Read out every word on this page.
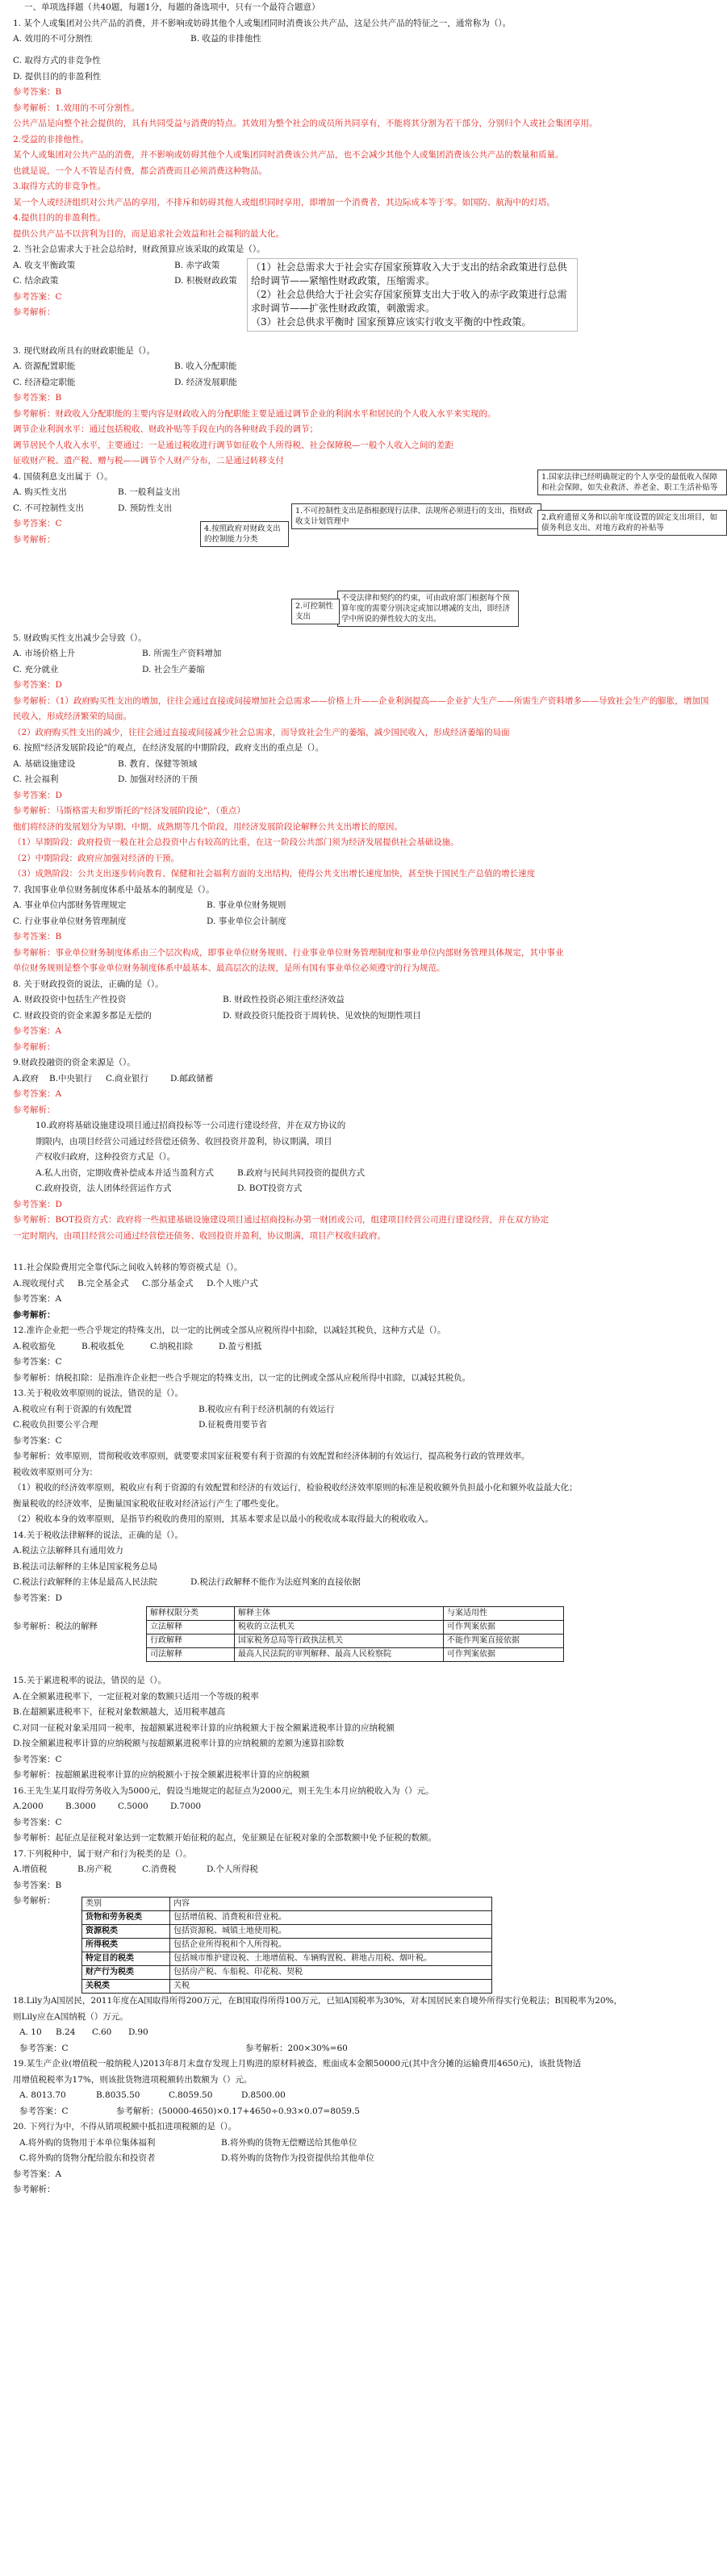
一、单项选择题（共40题，每题1分，每题的备选项中，只有一个最符合题意）

1. 某个人或集团对公共产品的消费，并不影响或妨碍其他个人或集团同时消费该公共产品，这是公共产品的特征之一，通常称为（）。

A. 效用的不可分割性	B. 收益的非排他性

C. 取得方式的非竞争性

D. 提供目的的非盈利性

参考答案：B

参考解析：1.效用的不可分割性。

公共产品是向整个社会提供的，具有共同受益与消费的特点。其效用为整个社会的成员所共同享有，不能将其分割为若干部分，分别归个人或社会集团享用。

2.受益的非排他性。

某个人或集团对公共产品的消费，并不影响或妨碍其他个人或集团同时消费该公共产品，也不会减少其他个人或集团消费该公共产品的数量和质量。

也就是说，一个人不管是否付费，都会消费而且必须消费这种物品。

3.取得方式的非竞争性。

某一个人或经济组织对公共产品的享用，不排斥和妨碍其他人或组织同时享用，即增加一个消费者，其边际成本等于零。如国防、航海中的灯塔。

4.提供目的的非盈利性。

提供公共产品不以营利为目的，而是追求社会效益和社会福利的最大化。

2. 当社会总需求大于社会总给时，财政预算应该采取的政策是（）。

A. 收支平衡政策	B. 赤字政策

C. 结余政策	D. 积极财政政策

参考答案：C

参考解析：

（1）社会总需求大于社会实存国家预算收入大于支出的结余政策进行总供给时调节——紧缩性财政政策，压缩需求。
（2）社会总供给大于社会实存国家预算支出大于收入的赤字政策进行总需求时调节——扩张性财政政策，刺激需求。
（3）社会总供求平衡时 国家预算应该实行收支平衡的中性政策。

3. 现代财政所具有的财政职能是（）。

A. 资源配置职能	B. 收入分配职能

C. 经济稳定职能	D. 经济发展职能

参考答案：B

参考解析：财政收入分配职能的主要内容是财政收入的分配职能主要是通过调节企业的利润水平和居民的个人收入水平来实现的。

调节企业利润水平：通过包括税收、财政补贴等手段在内的各种财政手段的调节；

调节居民个人收入水平，主要通过：一是通过税收进行调节如征收个人所得税、社会保障税—一般个人收入之间的差距

征收财产税、遗产税、赠与税——调节个人财产分布，二是通过转移支付

4. 国债利息支出属于（）。

A. 购买性支出	B. 一般利益支出

C. 不可控制性支出	D. 预防性支出

参考答案：C

参考解析：

1.国家法律已经明确规定的个人享受的最低收入保障和社会保障，如失业救济、养老金、职工生活补贴等
1.不可控制性支出是指根据现行法律、法规所必须进行的支出，指财政收支计划管理中	2.政府遗留义务和以前年度设置的固定支出项目，如债务利息支出、对地方政府的补贴等
4.按照政府对财政支出的控制能力分类
不受法律和契约的约束，可由政府部门根据每个预算年度的需要分别决定或加以增减的支出，即经济学中所说的弹性较大的支出。
2.可控制性支出

5. 财政购买性支出减少会导致（）。

A. 市场价格上升	B. 所需生产资料增加

C. 充分就业	D. 社会生产萎缩

参考答案：D

参考解析：（1）政府购买性支出的增加，往往会通过直接或间接增加社会总需求——价格上升——企业利润提高——企业扩大生产——所需生产资料增多——导致社会生产的膨胀，增加国民收入，形成经济繁荣的局面。

（2）政府购买性支出的减少，往往会通过直接或间接减少社会总需求，而导致社会生产的萎缩，减少国民收入，形成经济萎缩的局面

6. 按照"经济发展阶段论"的观点，在经济发展的中期阶段，政府支出的重点是（）。

A. 基础设施建设	B. 教育、保健等领域

C. 社会福利	D. 加强对经济的干预

参考答案：D

参考解析：马斯格雷夫和罗斯托的"经济发展阶段论"，（重点）

他们将经济的发展划分为早期、中期、成熟期等几个阶段，用经济发展阶段论解释公共支出增长的原因。

（1）早期阶段：政府投资一般在社会总投资中占有较高的比重，在这一阶段公共部门须为经济发展提供社会基础设施。

（2）中期阶段：政府应加强对经济的干预。

（3）成熟阶段：公共支出逐步转向教育、保健和社会福利方面的支出结构，使得公共支出增长速度加快，甚至快于国民生产总值的增长速度

7. 我国事业单位财务制度体系中最基本的制度是（）。

A. 事业单位内部财务管理规定	B. 事业单位财务规则

C. 行业事业单位财务管理制度	D. 事业单位会计制度

参考答案：B

参考解析：事业单位财务制度体系由三个层次构成，即事业单位财务规则、行业事业单位财务管理制度和事业单位内部财务管理具体规定，其中事业

单位财务规则是整个事业单位财务制度体系中最基本、最高层次的法规，是所有国有事业单位必须遵守的行为规范。

8. 关于财政投资的说法，正确的是（）。

A. 财政投资中包括生产性投资	B. 财政性投资必须注重经济效益

C. 财政投资的资金来源多都是无偿的	D. 财政投资只能投资于周转快、见效快的短期性项目

参考答案：A

参考解析：

9.财政投融资的资金来源是（）。

A.政府 B.中央银行 C.商业银行	D.邮政储蓄

参考答案：A

参考解析：

10.政府将基础设施建设项目通过招商投标等一公司进行建设经营，并在双方协议的

期限内，由项目经营公司通过经营偿还债务、收回投资并盈利，协议期满，项目

产权收归政府，这种投资方式是（）。

A.私人出资，定期收费补偿成本并适当盈利方式	B.政府与民间共同投资的提供方式

C.政府投资，法人团体经营运作方式	D. BOT投资方式

参考答案：D

参考解析：BOT投资方式：政府将一些拟建基础设施建设项目通过招商投标办第一财团或公司，组建项目经营公司进行建设经营，并在双方协定

一定时期内，由项目经营公司通过经营偿还债务、收回投资并盈利，协议期满，项目产权收归政府。

11.社会保险费用完全靠代际之间收入转移的筹资模式是（）。

A.现收现付式 B.完全基金式 C.部分基金式 D.个人账户式

参考答案：A

参考解析：

12.准许企业把一些合乎规定的特殊支出，以一定的比例或全部从应税所得中扣除，以减轻其税负，这种方式是（）。

A.税收豁免	B.税收抵免	C.纳税扣除	D.盈亏相抵

参考答案：C

参考解析：纳税扣除：是指准许企业把一些合乎规定的特殊支出，以一定的比例或全部从应税所得中扣除，以减轻其税负。

13.关于税收效率原则的说法，错误的是（）。

A.税收应有利于资源的有效配置	B.税收应有利于经济机制的有效运行

C.税收负担要公平合理	D.征税费用要节省

参考答案：C

参考解析：效率原则，贯彻税收效率原则，就要要求国家征税要有利于资源的有效配置和经济体制的有效运行，提高税务行政的管理效率。

税收效率原则可分为：

（1）税收的经济效率原则，税收应有利于资源的有效配置和经济的有效运行，检验税收经济效率原则的标准是税收额外负担最小化和额外收益最大化；

衡量税收的经济效率，是衡量国家税收征收对经济运行产生了哪些变化。

（2）税收本身的效率原则，是指节约税收的费用的原则，其基本要求是以最小的税收成本取得最大的税收收入。

14.关于税收法律解释的说法，正确的是（）。

A.税法立法解释具有通用效力

B.税法司法解释的主体是国家税务总局

C.税法行政解释的主体是最高人民法院	D.税法行政解释不能作为法庭判案的直接依据

参考答案：D

参考解析：税法的解释
解释权限分类	解释主体	与案适用性
立法解释	税收的立法机关	可作判案依据
行政解释	国家税务总局等行政执法机关	不能作判案直接依据
司法解释	最高人民法院的审判解释、最高人民检察院	可作判案依据

15.关于累进税率的说法，错误的是（）。

A.在全额累进税率下，一定征税对象的数额只适用一个等级的税率

B.在超额累进税率下，征税对象数额越大，适用税率越高

C.对同一征税对象采用同一税率，按超额累进税率计算的应纳税额大于按全额累进税率计算的应纳税额

D.按全额累进税率计算的应纳税额与按超额累进税率计算的应纳税额的差额为速算扣除数

参考答案：C

参考解析：按超额累进税率计算的应纳税额小于按全额累进税率计算的应纳税额

16.王先生某月取得劳务收入为5000元，假设当地规定的起征点为2000元，则王先生本月应纳税收入为（）元。

A.2000	B.3000	C.5000	D.7000

参考答案：C

参考解析：起征点是征税对象达到一定数额开始征税的起点，免征额是在征税对象的全部数额中免予征税的数额。

17.下列税种中，属于财产和行为税类的是（）。

A.增值税	B.房产税	C.消费税	D.个人所得税

参考答案：B

参考解析：	类别	内容
货物和劳务税类	包括增值税、消费税和营业税。
资源税类	包括资源税、城镇土地使用税。
所得税类	包括企业所得税和个人所得税。
特定目的税类	包括城市维护建设税、土地增值税、车辆购置税、耕地占用税、烟叶税。
财产行为税类	包括房产税、车船税、印花税、契税
关税类	关税

18.Lily为A国居民，2011年度在A国取得所得200万元，在B国取得所得100万元，已知A国税率为30%，对本国居民来自境外所得实行免税法；B国税率为20%，

则Lily应在A国纳税（）万元。

A. 10 B.24 C.60 D.90

参考答案：C	参考解析：200×30%=60

19.某生产企业(增值税一般纳税人)2013年8月末盘存发现上月购进的原材料被盗，账面成本金额50000元(其中含分摊的运输费用4650元)，该批货物适

用增值税税率为17%，则该批货物进项税额转出数额为（）元。

A. 8013.70	B.8035.50	C.8059.50	D.8500.00

参考答案：C	参考解析：(50000-4650)×0.17+4650÷0.93×0.07=8059.5

20. 下列行为中，不得从销项税额中抵扣进项税额的是（）。

A.将外购的货物用于本单位集体福利	B.将外购的货物无偿赠送给其他单位

C.将外购的货物分配给股东和投资者	D.将外购的货物作为投资提供给其他单位

参考答案：A

参考解析：
